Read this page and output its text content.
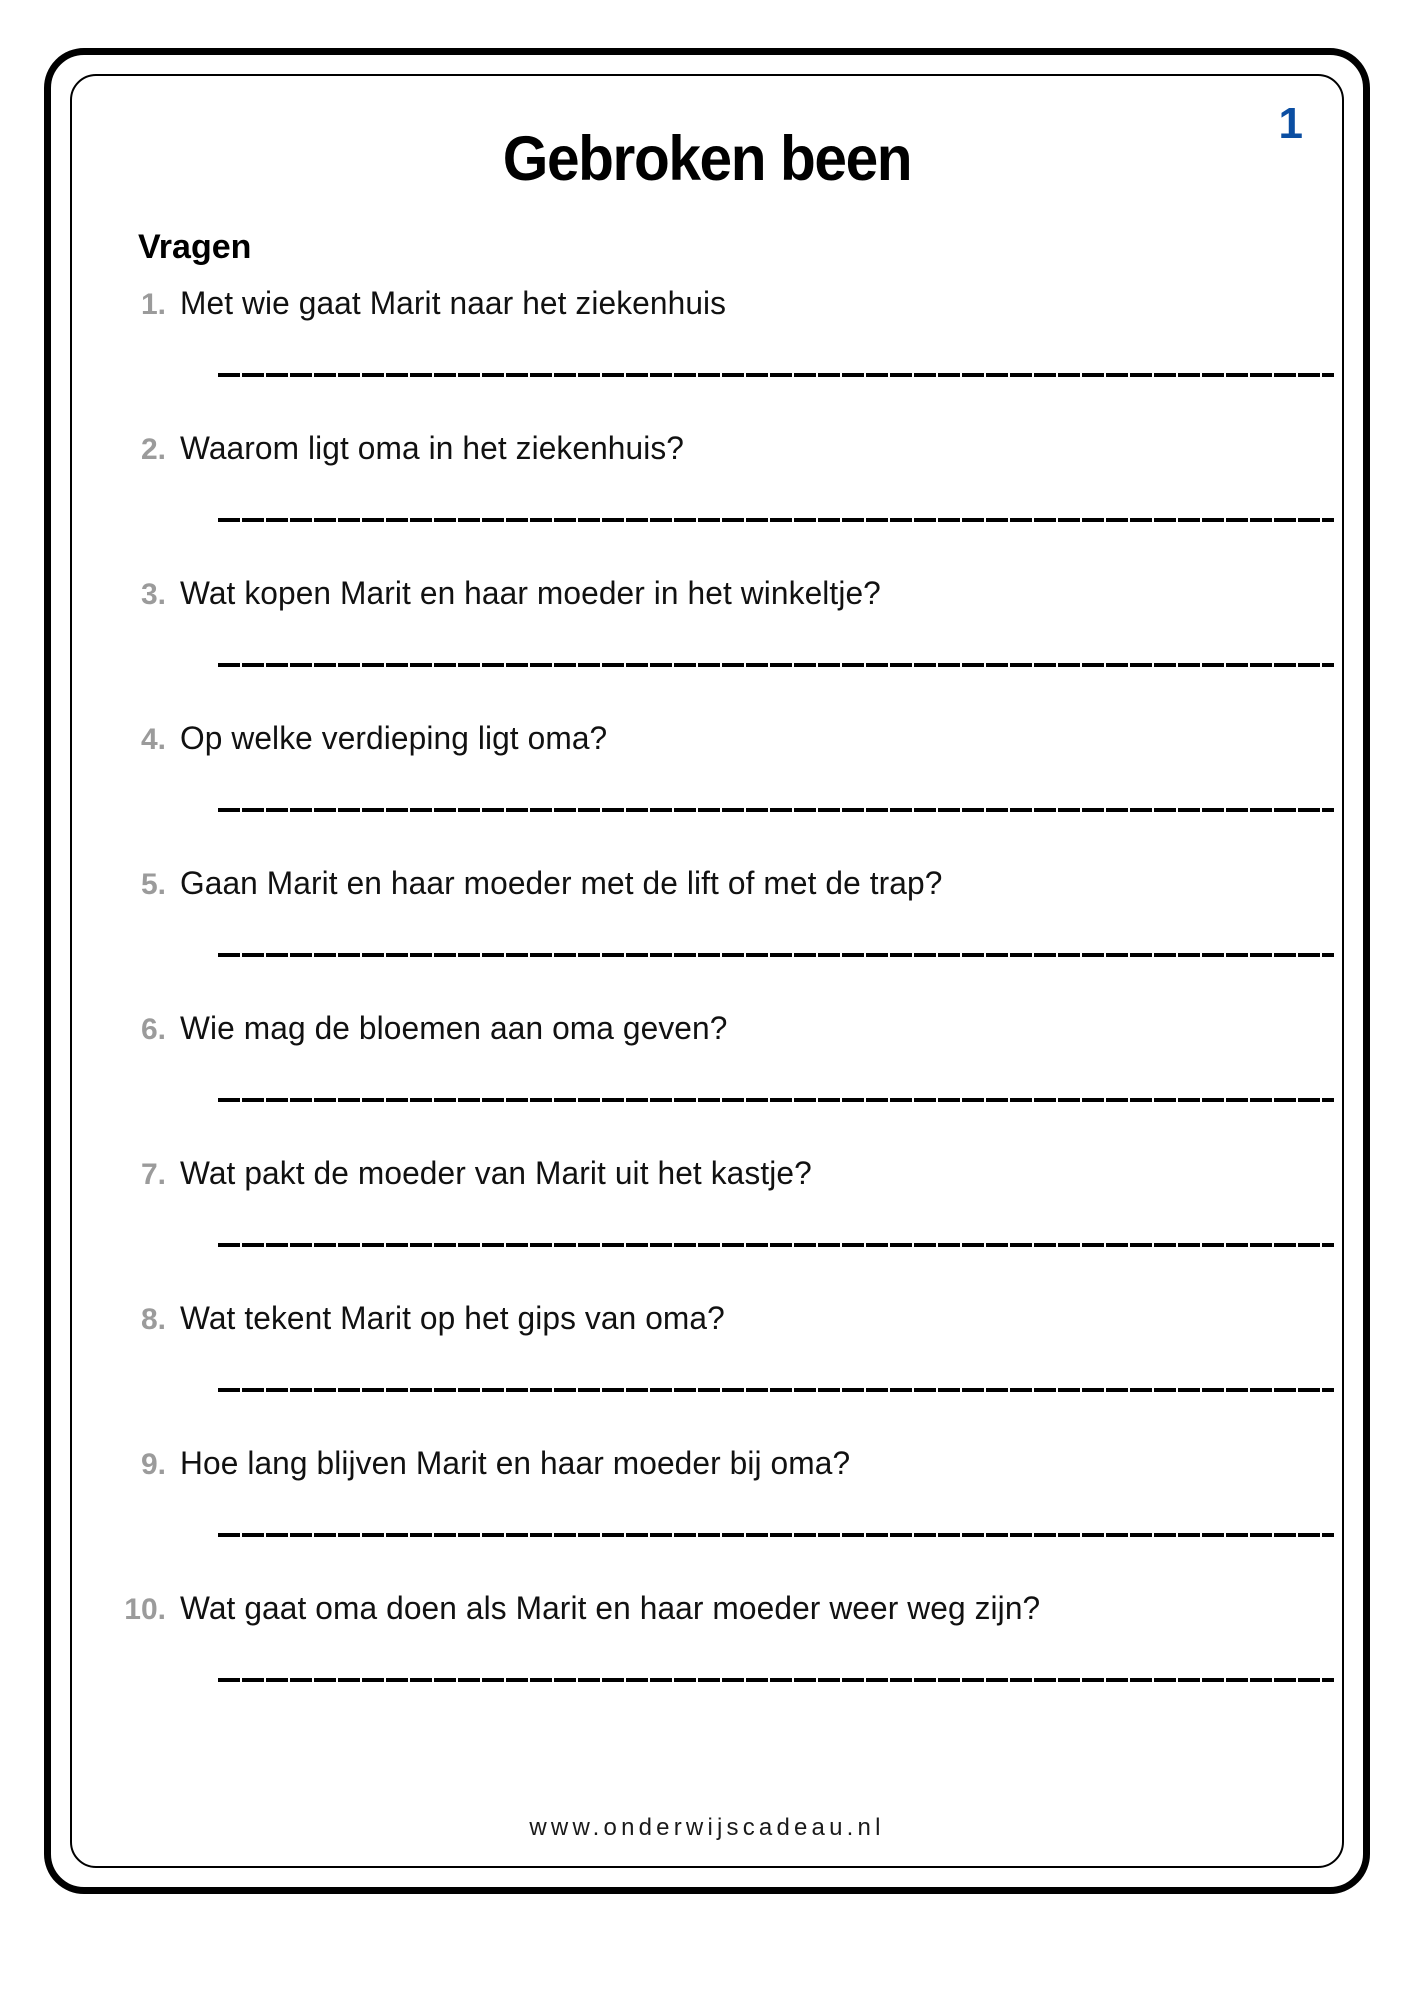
1
Gebroken been
Vragen
1. Met wie gaat Marit naar het ziekenhuis
2. Waarom ligt oma in het ziekenhuis?
3. Wat kopen Marit en haar moeder in het winkeltje?
4. Op welke verdieping ligt oma?
5. Gaan Marit en haar moeder met de lift of met de trap?
6. Wie mag de bloemen aan oma geven?
7. Wat pakt de moeder van Marit uit het kastje?
8. Wat tekent Marit op het gips van oma?
9. Hoe lang blijven Marit en haar moeder bij oma?
10. Wat gaat oma doen als Marit en haar moeder weer weg zijn?
www.onderwijscadeau.nl
